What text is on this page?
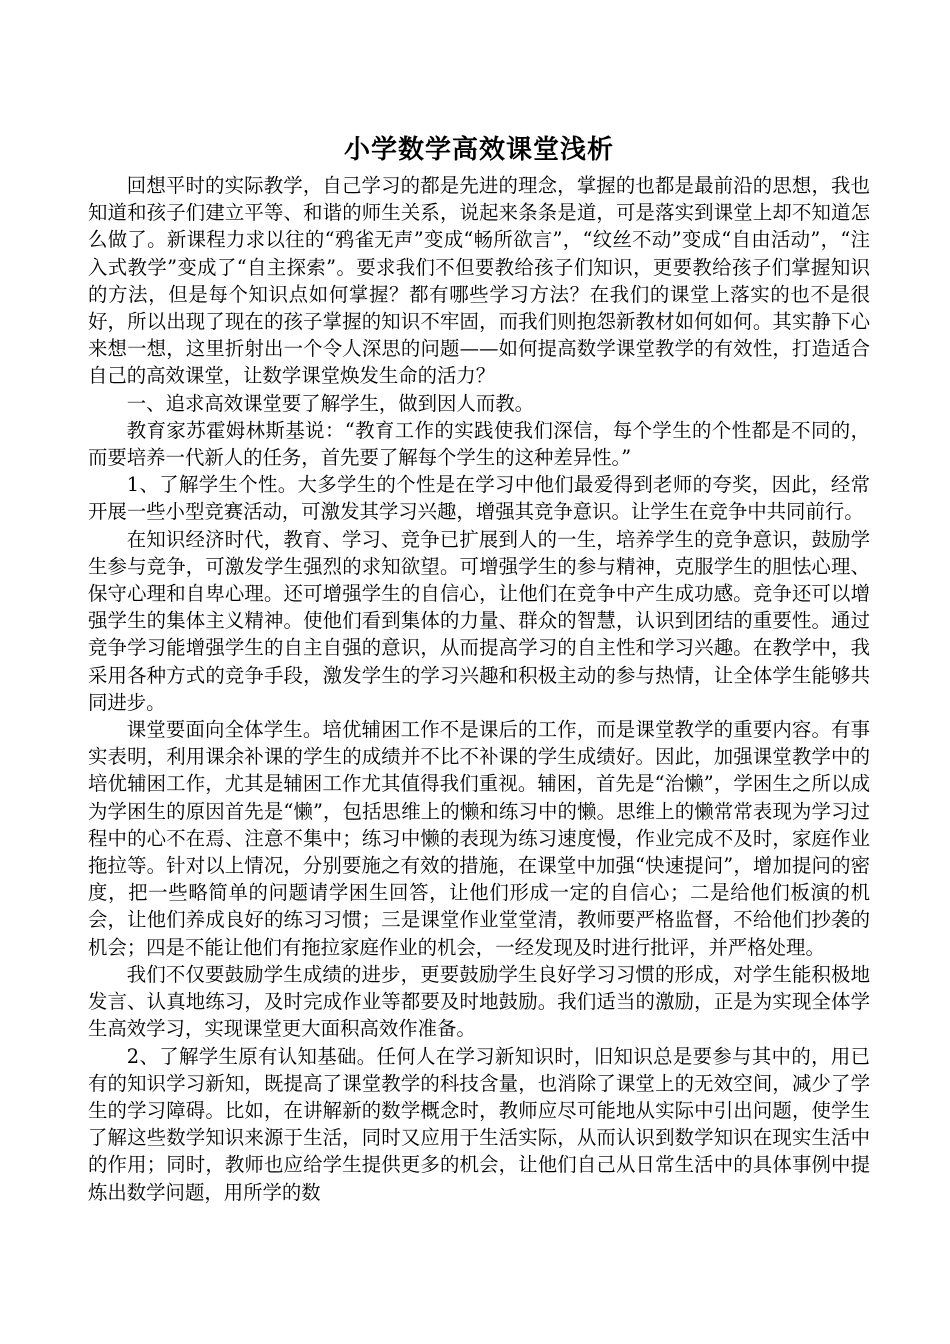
小学数学高效课堂浅析

回想平时的实际教学，自己学习的都是先进的理念，掌握的也都是最前沿的思想，我也知道和孩子们建立平等、和谐的师生关系，说起来条条是道，可是落实到课堂上却不知道怎么做了。新课程力求以往的“鸦雀无声”变成“畅所欲言”，“纹丝不动”变成“自由活动”，“注入式教学”变成了“自主探索”。要求我们不但要教给孩子们知识，更要教给孩子们掌握知识的方法，但是每个知识点如何掌握？都有哪些学习方法？在我们的课堂上落实的也不是很好，所以出现了现在的孩子掌握的知识不牢固，而我们则抱怨新教材如何如何。其实静下心来想一想，这里折射出一个令人深思的问题——如何提高数学课堂教学的有效性，打造适合自己的高效课堂，让数学课堂焕发生命的活力？

一、追求高效课堂要了解学生，做到因人而教。

教育家苏霍姆林斯基说：“教育工作的实践使我们深信，每个学生的个性都是不同的，而要培养一代新人的任务，首先要了解每个学生的这种差异性。”

1、了解学生个性。大多学生的个性是在学习中他们最爱得到老师的夸奖，因此，经常开展一些小型竞赛活动，可激发其学习兴趣，增强其竞争意识。让学生在竞争中共同前行。

在知识经济时代，教育、学习、竞争已扩展到人的一生，培养学生的竞争意识，鼓励学生参与竞争，可激发学生强烈的求知欲望。可增强学生的参与精神，克服学生的胆怯心理、保守心理和自卑心理。还可增强学生的自信心，让他们在竞争中产生成功感。竞争还可以增强学生的集体主义精神。使他们看到集体的力量、群众的智慧，认识到团结的重要性。通过竞争学习能增强学生的自主自强的意识，从而提高学习的自主性和学习兴趣。在教学中，我采用各种方式的竞争手段，激发学生的学习兴趣和积极主动的参与热情，让全体学生能够共同进步。

课堂要面向全体学生。培优辅困工作不是课后的工作，而是课堂教学的重要内容。有事实表明，利用课余补课的学生的成绩并不比不补课的学生成绩好。因此，加强课堂教学中的培优辅困工作，尤其是辅困工作尤其值得我们重视。辅困，首先是“治懒”，学困生之所以成为学困生的原因首先是“懒”，包括思维上的懒和练习中的懒。思维上的懒常常表现为学习过程中的心不在焉、注意不集中；练习中懒的表现为练习速度慢，作业完成不及时，家庭作业拖拉等。针对以上情况，分别要施之有效的措施，在课堂中加强“快速提问”，增加提问的密度，把一些略简单的问题请学困生回答，让他们形成一定的自信心；二是给他们板演的机会，让他们养成良好的练习习惯；三是课堂作业堂堂清，教师要严格监督，不给他们抄袭的机会；四是不能让他们有拖拉家庭作业的机会，一经发现及时进行批评，并严格处理。

我们不仅要鼓励学生成绩的进步，更要鼓励学生良好学习习惯的形成，对学生能积极地发言、认真地练习，及时完成作业等都要及时地鼓励。我们适当的激励，正是为实现全体学生高效学习，实现课堂更大面积高效作准备。

2、了解学生原有认知基础。任何人在学习新知识时，旧知识总是要参与其中的，用已有的知识学习新知，既提高了课堂教学的科技含量，也消除了课堂上的无效空间，减少了学生的学习障碍。比如，在讲解新的数学概念时，教师应尽可能地从实际中引出问题，使学生了解这些数学知识来源于生活，同时又应用于生活实际，从而认识到数学知识在现实生活中的作用；同时，教师也应给学生提供更多的机会，让他们自己从日常生活中的具体事例中提炼出数学问题，用所学的数
